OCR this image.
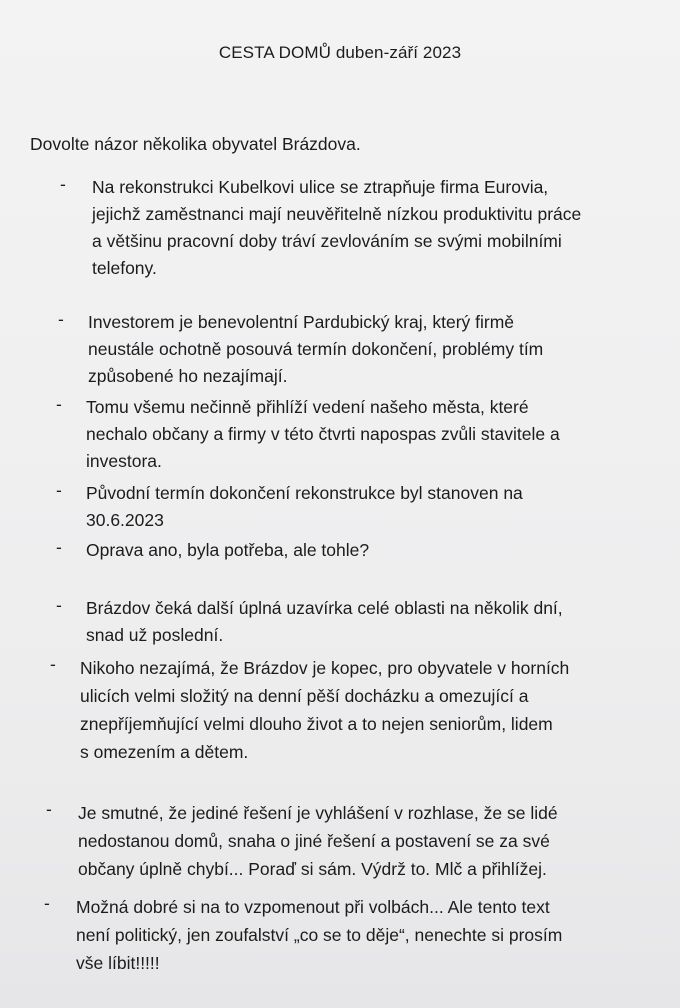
CESTA DOMŮ duben-září 2023
Dovolte názor několika obyvatel Brázdova.
-	Na rekonstrukci Kubelkovi ulice se ztrapňuje firma Eurovia,
jejichž zaměstnanci mají neuvěřitelně nízkou produktivitu práce
a většinu pracovní doby tráví zevlováním se svými mobilními
telefony.
-	Investorem je benevolentní Pardubický kraj, který firmě
neustále ochotně posouvá termín dokončení, problémy tím
způsobené ho nezajímají.
-	Tomu všemu nečinně přihlíží vedení našeho města, které
nechalo občany a firmy v této čtvrti napospas zvůli stavitele a
investora.
-	Původní termín dokončení rekonstrukce byl stanoven na
30.6.2023
-	Oprava ano, byla potřeba, ale tohle?
-	Brázdov čeká další úplná uzavírka celé oblasti na několik dní,
snad už poslední.
-	Nikoho nezajímá, že Brázdov je kopec, pro obyvatele v horních
ulicích velmi složitý na denní pěší docházku a omezující a
znepříjemňující velmi dlouho život a to nejen seniorům, lidem
s omezením a dětem.
-	Je smutné, že jediné řešení je vyhlášení v rozhlase, že se lidé
nedostanou domů, snaha o jiné řešení a postavení se za své
občany úplně chybí... Poraď si sám. Výdrž to. Mlč a přihlížej.
-	Možná dobré si na to vzpomenout při volbách... Ale tento text
není politický, jen zoufalství „co se to děje“, nenechte si prosím
vše líbit!!!!!
